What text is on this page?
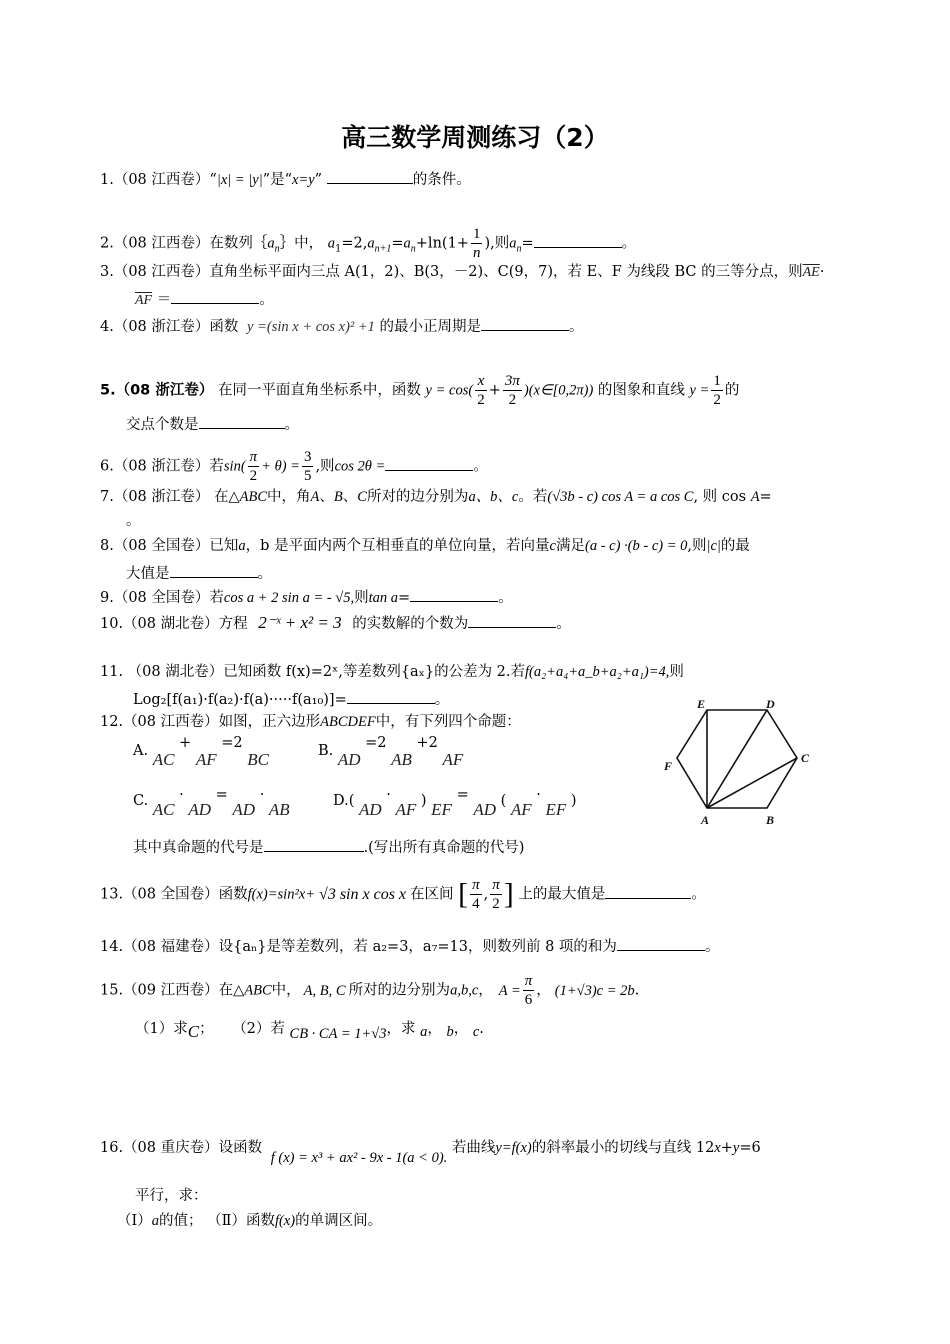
高三数学周测练习（2）
1.（08 江西卷）“|x| = |y|”是“x=y”	的条件。
2.（08 江西卷）在数列$\{a_n\}$中， $a_1=2,a_{n+1}=a_n+\ln(1+ \frac{1}{n}$ ),则$a_n=$	。
3.（08 江西卷）直角坐标平面内三点 A(1，2)、B(3，－2)、C(9，7)，若 E、F 为线段 BC 的三等分点，则$\overline{AE}\cdot$
$\overline{AF}$ ＝	。
4.（08 浙江卷）函数 y =(sin x + cos x)² +1 的最小正周期是	。
5.（08 浙江卷） 在同一平面直角坐标系中，函数 $y = \cos( \frac{x}{2} + \frac{3\pi}{2}$ )(x∈[0,2π)) 的图象和直线 $y = \frac{1}{2}$ 的
交点个数是	。
6.（08 浙江卷）若$\sin( \frac{\pi}{2} + \theta) = \frac{3}{5}$ ,则cos 2θ =	。
7.（08 浙江卷） 在△ABC中，角A、B、C所对的边分别为a、b、c。若(√3b - c) cos A = a cos C, 则 cos A=
。
8.（08 全国卷）已知a，b 是平面内两个互相垂直的单位向量，若向量c满足(a - c) ·(b - c) = 0,则|c|的最
大值是	。
9.（08 全国卷）若cos a + 2 sin a = - √5,则tan a=	。
10.（08 湖北卷）方程 2⁻ˣ + x² = 3 的实数解的个数为	。
11. （08 湖北卷）已知函数 f(x)=2ˣ,等差数列{aₓ}的公差为 2.若f(a₂+a₄+a_b+a₂+a₁)=4,则
Log₂[f(a₁)·f(a₂)·f(a)·····f(a₁₀)]=	。
12.（08 江西卷）如图，正六边形ABCDEF中，有下列四个命题：
A. AC + AF =2 BC	B. AD =2 AB +2 AF
C. AC · AD = AD · AB	D.( AD · AF ) EF = AD ( AF · EF )
其中真命题的代号是	.(写出所有真命题的代号)
A	B
C
D
E
F
13.（08 全国卷）函数f(x)=sin²x+ √3 sin x cos x 在区间 [ $\frac{\pi}{4}$ , $\frac{\pi}{2}$ ] 上的最大值是	。
14.（08 福建卷）设{aₙ}是等差数列，若 a₂=3，a₇=13，则数列前 8 项的和为	。
15.（09 江西卷）在△ABC中， A, B, C 所对的边分别为a,b,c， $A = \frac{\pi}{6}$ ， (1+√3)c = 2b.
（1）求C； （2）若 CB · CA = 1+√3，求 a， b， c.
16.（08 重庆卷）设函数 f (x) = x³ + ax² - 9x - 1(a < 0). 若曲线y=f(x)的斜率最小的切线与直线 12x+y=6
平行，求：
（Ⅰ）a的值； （Ⅱ）函数f(x)的单调区间。
